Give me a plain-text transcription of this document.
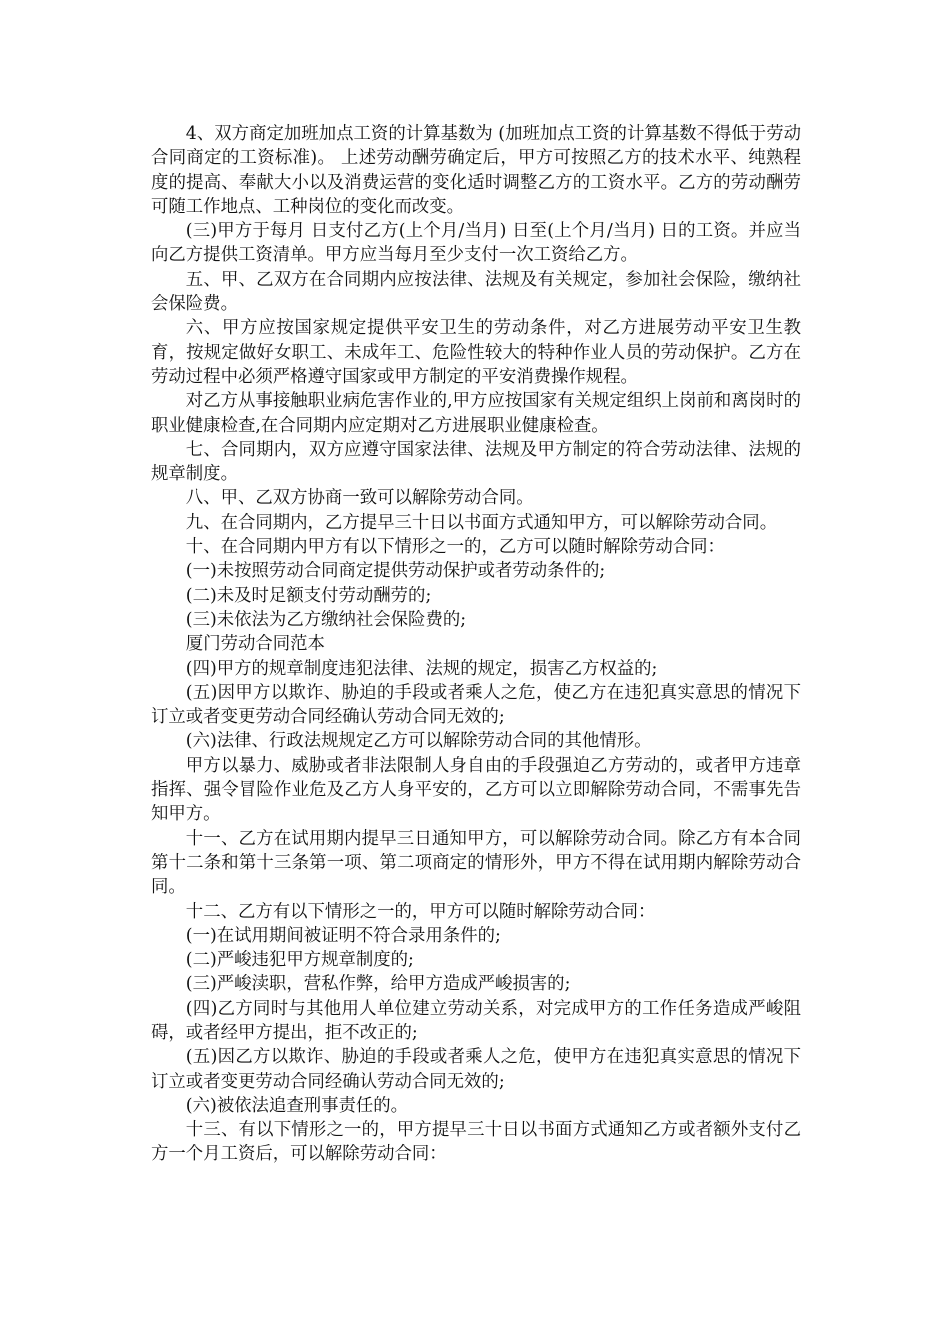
4、双方商定加班加点工资的计算基数为 (加班加点工资的计算基数不得低于劳动合同商定的工资标准)。 上述劳动酬劳确定后，甲方可按照乙方的技术水平、纯熟程度的提高、奉献大小以及消费运营的变化适时调整乙方的工资水平。乙方的劳动酬劳可随工作地点、工种岗位的变化而改变。

(三)甲方于每月 日支付乙方(上个月/当月) 日至(上个月/当月) 日的工资。并应当向乙方提供工资清单。甲方应当每月至少支付一次工资给乙方。

五、甲、乙双方在合同期内应按法律、法规及有关规定，参加社会保险，缴纳社会保险费。

六、甲方应按国家规定提供平安卫生的劳动条件，对乙方进展劳动平安卫生教育，按规定做好女职工、未成年工、危险性较大的特种作业人员的劳动保护。乙方在劳动过程中必须严格遵守国家或甲方制定的平安消费操作规程。

对乙方从事接触职业病危害作业的,甲方应按国家有关规定组织上岗前和离岗时的职业健康检查,在合同期内应定期对乙方进展职业健康检查。

七、合同期内，双方应遵守国家法律、法规及甲方制定的符合劳动法律、法规的规章制度。

八、甲、乙双方协商一致可以解除劳动合同。

九、在合同期内，乙方提早三十日以书面方式通知甲方，可以解除劳动合同。

十、在合同期内甲方有以下情形之一的，乙方可以随时解除劳动合同：

(一)未按照劳动合同商定提供劳动保护或者劳动条件的;

(二)未及时足额支付劳动酬劳的;

(三)未依法为乙方缴纳社会保险费的;

厦门劳动合同范本

(四)甲方的规章制度违犯法律、法规的规定，损害乙方权益的;

(五)因甲方以欺诈、胁迫的手段或者乘人之危，使乙方在违犯真实意思的情况下订立或者变更劳动合同经确认劳动合同无效的;

(六)法律、行政法规规定乙方可以解除劳动合同的其他情形。

甲方以暴力、威胁或者非法限制人身自由的手段强迫乙方劳动的，或者甲方违章指挥、强令冒险作业危及乙方人身平安的，乙方可以立即解除劳动合同，不需事先告知甲方。

十一、乙方在试用期内提早三日通知甲方，可以解除劳动合同。除乙方有本合同第十二条和第十三条第一项、第二项商定的情形外，甲方不得在试用期内解除劳动合同。

十二、乙方有以下情形之一的，甲方可以随时解除劳动合同：

(一)在试用期间被证明不符合录用条件的;

(二)严峻违犯甲方规章制度的;

(三)严峻渎职，营私作弊，给甲方造成严峻损害的;

(四)乙方同时与其他用人单位建立劳动关系，对完成甲方的工作任务造成严峻阻碍，或者经甲方提出，拒不改正的;

(五)因乙方以欺诈、胁迫的手段或者乘人之危，使甲方在违犯真实意思的情况下订立或者变更劳动合同经确认劳动合同无效的;

(六)被依法追查刑事责任的。

十三、有以下情形之一的，甲方提早三十日以书面方式通知乙方或者额外支付乙方一个月工资后，可以解除劳动合同：
